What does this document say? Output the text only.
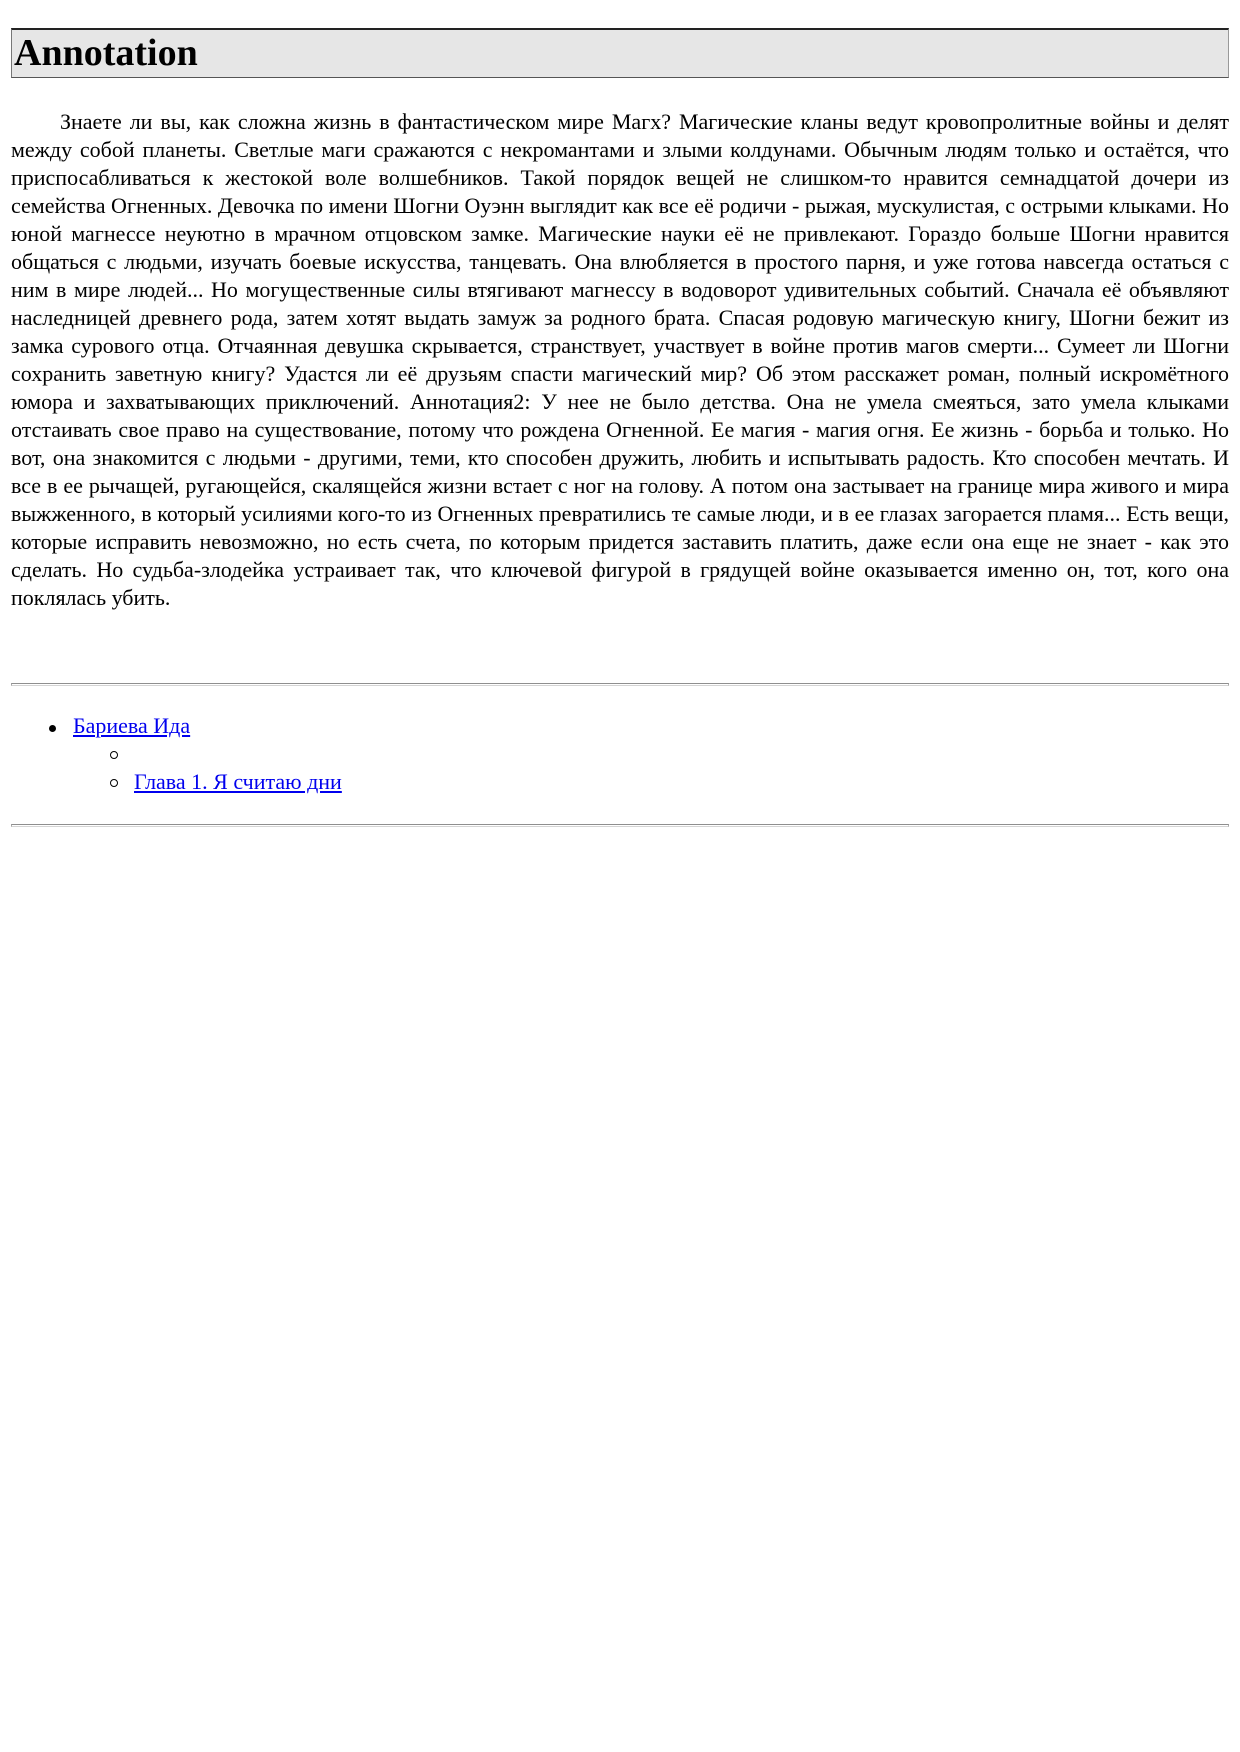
Annotation

Знаете ли вы, как сложна жизнь в фантастическом мире Магх? Магические кланы ведут кровопролитные войны и делят между собой планеты. Светлые маги сражаются с некромантами и злыми колдунами. Обычным людям только и остаётся, что приспосабливаться к жестокой воле волшебников. Такой порядок вещей не слишком-то нравится семнадцатой дочери из семейства Огненных. Девочка по имени Шогни Оуэнн выглядит как все её родичи - рыжая, мускулистая, с острыми клыками. Но юной магнессе неуютно в мрачном отцовском замке. Магические науки её не привлекают. Гораздо больше Шогни нравится общаться с людьми, изучать боевые искусства, танцевать. Она влюбляется в простого парня, и уже готова навсегда остаться с ним в мире людей... Но могущественные силы втягивают магнессу в водоворот удивительных событий. Сначала её объявляют наследницей древнего рода, затем хотят выдать замуж за родного брата. Спасая родовую магическую книгу, Шогни бежит из замка сурового отца. Отчаянная девушка скрывается, странствует, участвует в войне против магов смерти... Сумеет ли Шогни сохранить заветную книгу? Удастся ли её друзьям спасти магический мир? Об этом расскажет роман, полный искромётного юмора и захватывающих приключений. Аннотация2: У нее не было детства. Она не умела смеяться, зато умела клыками отстаивать свое право на существование, потому что рождена Огненной. Ее магия - магия огня. Ее жизнь - борьба и только. Но вот, она знакомится с людьми - другими, теми, кто способен дружить, любить и испытывать радость. Кто способен мечтать. И все в ее рычащей, ругающейся, скалящейся жизни встает с ног на голову. А потом она застывает на границе мира живого и мира выжженного, в который усилиями кого-то из Огненных превратились те самые люди, и в ее глазах загорается пламя... Есть вещи, которые исправить невозможно, но есть счета, по которым придется заставить платить, даже если она еще не знает - как это сделать. Но судьба-злодейка устраивает так, что ключевой фигурой в грядущей войне оказывается именно он, тот, кого она поклялась убить.

Бариева Ида
Глава 1. Я считаю дни
